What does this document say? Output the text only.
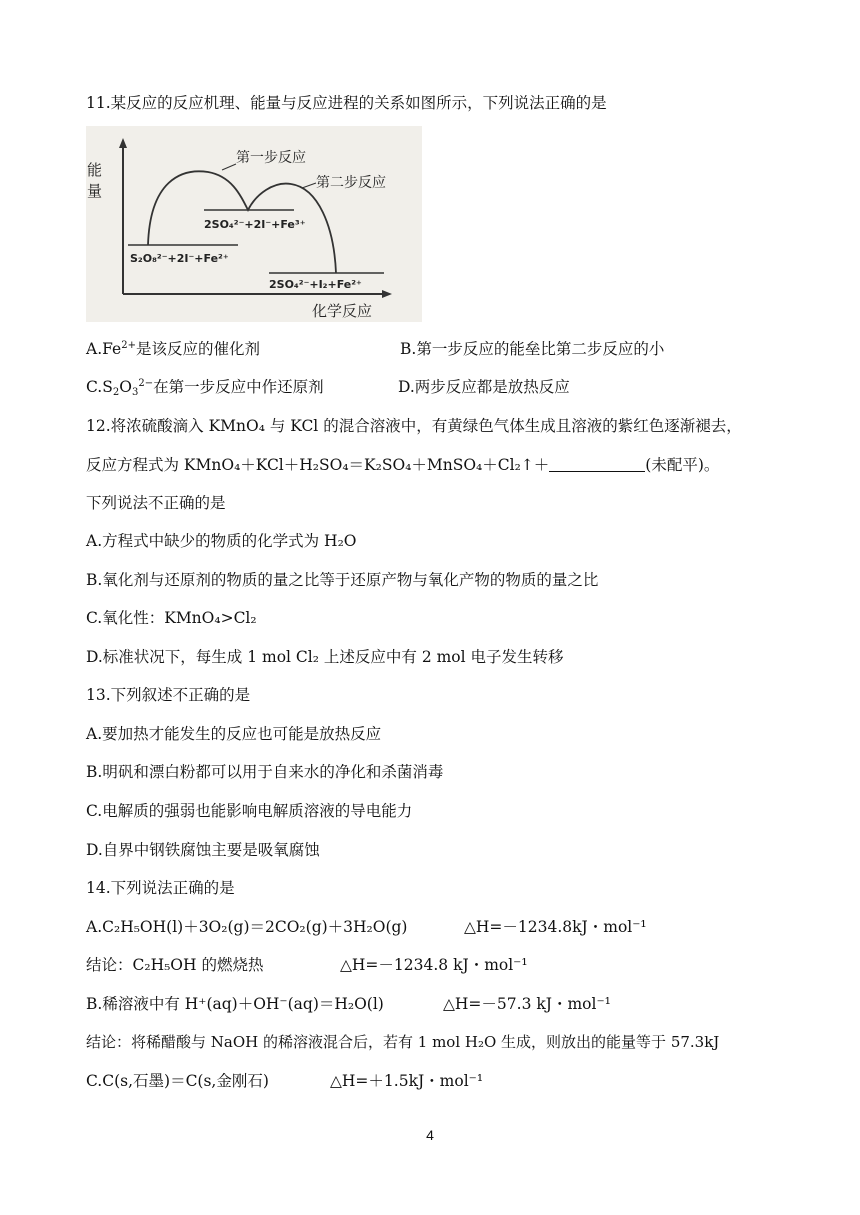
11.某反应的反应机理、能量与反应进程的关系如图所示，下列说法正确的是
能量
化学反应
第一步反应
第二步反应
2SO₄²⁻+2I⁻+Fe³⁺
S₂O₈²⁻+2I⁻+Fe²⁺
2SO₄²⁻+I₂+Fe²⁺
$A.Fe^{2+}$是该反应的催化剂	B.第一步反应的能垒比第二步反应的小
$C.S_2O_3^{2-}$在第一步反应中作还原剂	D.两步反应都是放热反应
12.将浓硫酸滴入 KMnO₄ 与 KCl 的混合溶液中，有黄绿色气体生成且溶液的紫红色逐渐褪去，
反应方程式为 KMnO₄＋KCl＋H₂SO₄＝K₂SO₄＋MnSO₄＋Cl₂↑＋	(未配平)。
下列说法不正确的是
A.方程式中缺少的物质的化学式为 H₂O
B.氧化剂与还原剂的物质的量之比等于还原产物与氧化产物的物质的量之比
C.氧化性：KMnO₄>Cl₂
D.标准状况下，每生成 1 mol Cl₂ 上述反应中有 2 mol 电子发生转移
13.下列叙述不正确的是
A.要加热才能发生的反应也可能是放热反应
B.明矾和漂白粉都可以用于自来水的净化和杀菌消毒
C.电解质的强弱也能影响电解质溶液的导电能力
D.自界中钢铁腐蚀主要是吸氧腐蚀
14.下列说法正确的是
A.C₂H₅OH(l)＋3O₂(g)＝2CO₂(g)＋3H₂O(g)	△H=－1234.8kJ・mol⁻¹
结论：C₂H₅OH 的燃烧热	△H=－1234.8 kJ・mol⁻¹
B.稀溶液中有 H⁺(aq)＋OH⁻(aq)＝H₂O(l)	△H=－57.3 kJ・mol⁻¹
结论：将稀醋酸与 NaOH 的稀溶液混合后，若有 1 mol H₂O 生成，则放出的能量等于 57.3kJ
C.C(s,石墨)＝C(s,金刚石)	△H=＋1.5kJ・mol⁻¹
4
